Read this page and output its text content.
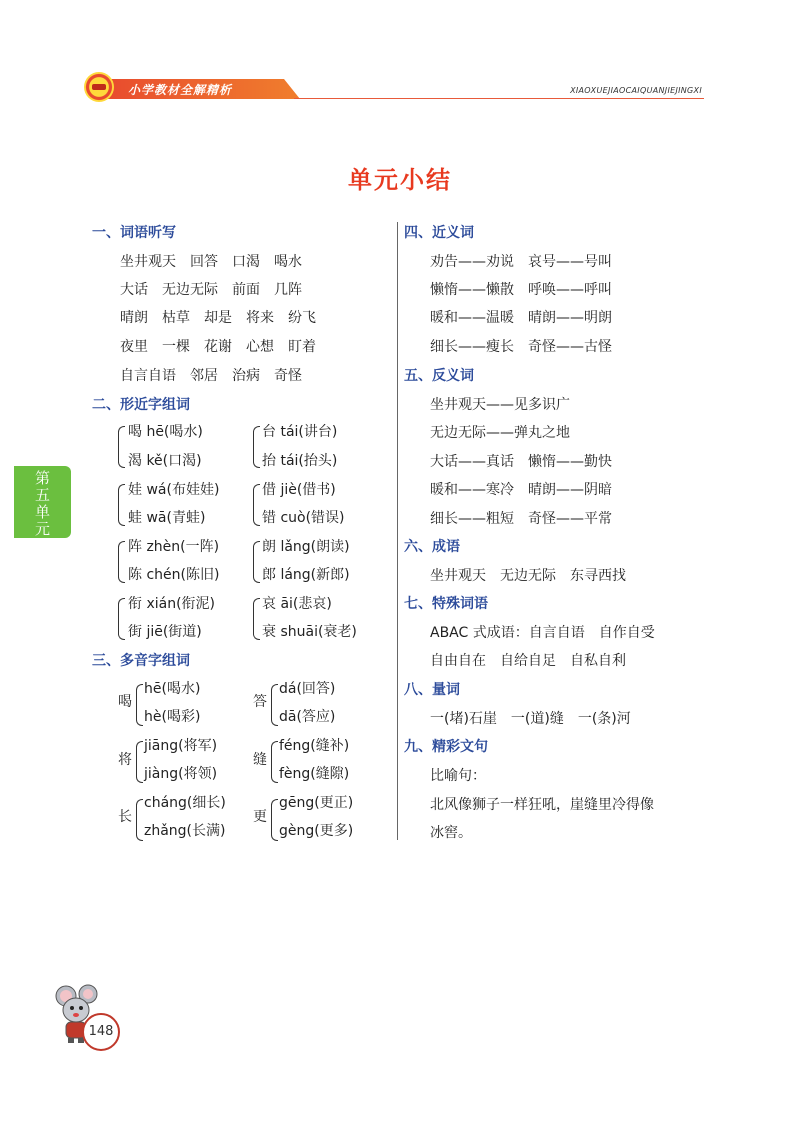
小学教材全解精析	XIAOXUEJIAOCAIQUANJIEJINGXI
单元小结
第
五
单
元
一、词语听写
坐井观天　回答　口渴　喝水
大话　无边无际　前面　几阵
晴朗　枯草　却是　将来　纷飞
夜里　一棵　花谢　心想　盯着
自言自语　邻居　治病　奇怪
二、形近字组词
喝 hē(喝水)
渴 kě(口渴)
台 tái(讲台)
抬 tái(抬头)
娃 wá(布娃娃)
蛙 wā(青蛙)
借 jiè(借书)
错 cuò(错误)
阵 zhèn(一阵)
陈 chén(陈旧)
朗 lǎng(朗读)
郎 láng(新郎)
衔 xián(衔泥)
街 jiē(街道)
哀 āi(悲哀)
衰 shuāi(衰老)
三、多音字组词
喝
hē(喝水)
hè(喝彩)
答
dá(回答)
dā(答应)
将
jiāng(将军)
jiàng(将领)
缝
féng(缝补)
fèng(缝隙)
长
cháng(细长)
zhǎng(长满)
更
gēng(更正)
gèng(更多)
四、近义词
劝告——劝说　哀号——号叫
懒惰——懒散　呼唤——呼叫
暖和——温暖　晴朗——明朗
细长——瘦长　奇怪——古怪
五、反义词
坐井观天——见多识广
无边无际——弹丸之地
大话——真话　懒惰——勤快
暖和——寒冷　晴朗——阴暗
细长——粗短　奇怪——平常
六、成语
坐井观天　无边无际　东寻西找
七、特殊词语
ABAC 式成语：自言自语　自作自受
自由自在　自给自足　自私自利
八、量词
一(堵)石崖　一(道)缝　一(条)河
九、精彩文句
比喻句：
北风像狮子一样狂吼，崖缝里冷得像
冰窖。
148
